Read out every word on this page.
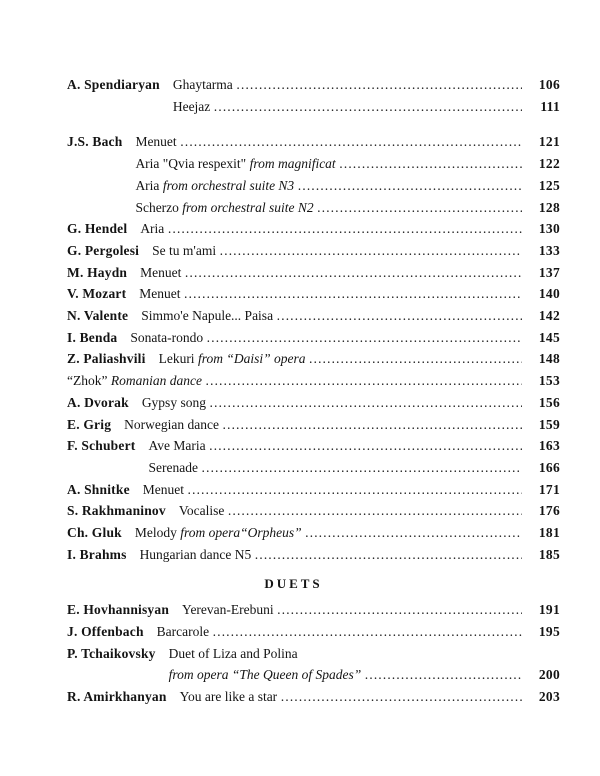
A. Spendiaryan Ghaytarma ……………………………………………………………………………………………………………………………………	106
Heejaz ……………………………………………………………………………………………………………………………………	111
J.S. Bach Menuet ……………………………………………………………………………………………………………………………………	121
Aria "Qvia respexit" from magnificat ……………………………………………………………………………………………………………………………………	122
Aria from orchestral suite N3 ……………………………………………………………………………………………………………………………………	125
Scherzo from orchestral suite N2 ……………………………………………………………………………………………………………………………………	128
G. Hendel Aria ……………………………………………………………………………………………………………………………………	130
G. Pergolesi Se tu m'ami ……………………………………………………………………………………………………………………………………	133
M. Haydn Menuet ……………………………………………………………………………………………………………………………………	137
V. Mozart Menuet ……………………………………………………………………………………………………………………………………	140
N. Valente Simmo'e Napule... Paisa ……………………………………………………………………………………………………………………………………	142
I. Benda Sonata-rondo ……………………………………………………………………………………………………………………………………	145
Z. Paliashvili Lekuri from “Daisi” opera ……………………………………………………………………………………………………………………………………	148
“Zhok” Romanian dance ……………………………………………………………………………………………………………………………………	153
A. Dvorak Gypsy song ……………………………………………………………………………………………………………………………………	156
E. Grig Norwegian dance ……………………………………………………………………………………………………………………………………	159
F. Schubert Ave Maria ……………………………………………………………………………………………………………………………………	163
Serenade ……………………………………………………………………………………………………………………………………	166
A. Shnitke Menuet ……………………………………………………………………………………………………………………………………	171
S. Rakhmaninov Vocalise ……………………………………………………………………………………………………………………………………	176
Ch. Gluk Melody from opera“Orpheus” ……………………………………………………………………………………………………………………………………	181
I. Brahms Hungarian dance N5 ……………………………………………………………………………………………………………………………………	185
DUETS
E. Hovhannisyan Yerevan-Erebuni ……………………………………………………………………………………………………………………………………	191
J. Offenbach Barcarole ……………………………………………………………………………………………………………………………………	195
P. Tchaikovsky Duet of Liza and Polina
from opera “The Queen of Spades” ……………………………………………………………………………………………………………………………………	200
R. Amirkhanyan You are like a star ……………………………………………………………………………………………………………………………………	203
